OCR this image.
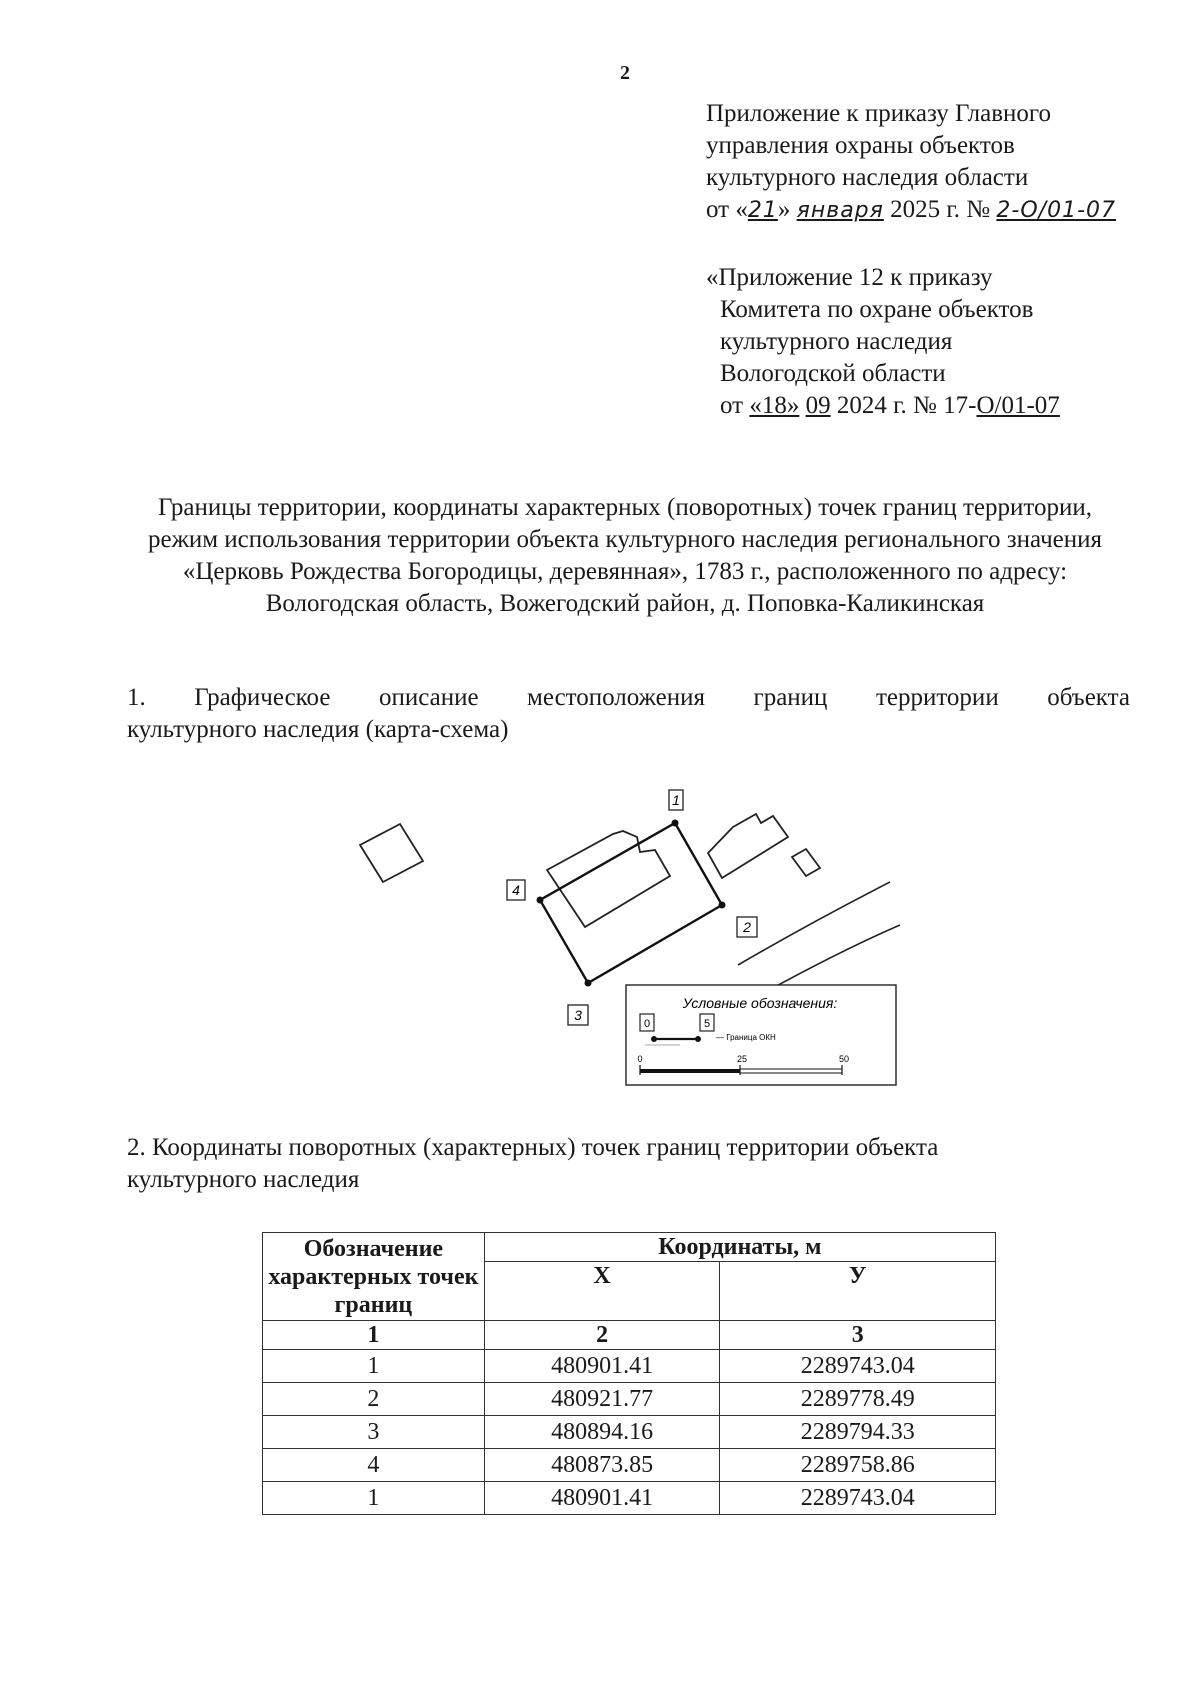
2
Приложение к приказу Главного
управления охраны объектов
культурного наследия области
от «21» января 2025 г. № 2-О/01-07
«Приложение 12 к приказу
Комитета по охране объектов
культурного наследия
Вологодской области
от «18» 09 2024 г. № 17-О/01-07
Границы территории, координаты характерных (поворотных) точек границ территории, режим использования территории объекта культурного наследия регионального значения «Церковь Рождества Богородицы, деревянная», 1783 г., расположенного по адресу: Вологодская область, Вожегодский район, д. Поповка-Каликинская
1. Графическое описание местоположения границ территории объекта
культурного наследия (карта-схема)
1
2
3
4
Условные обозначения:
0	5
— Граница ОКН
0	25	50
2. Координаты поворотных (характерных) точек границ территории объекта
культурного наследия
Обозначение характерных точек границ	Координаты, м	
	X	У
1	2	3
1	480901.41	2289743.04
2	480921.77	2289778.49
3	480894.16	2289794.33
4	480873.85	2289758.86
1	480901.41	2289743.04
